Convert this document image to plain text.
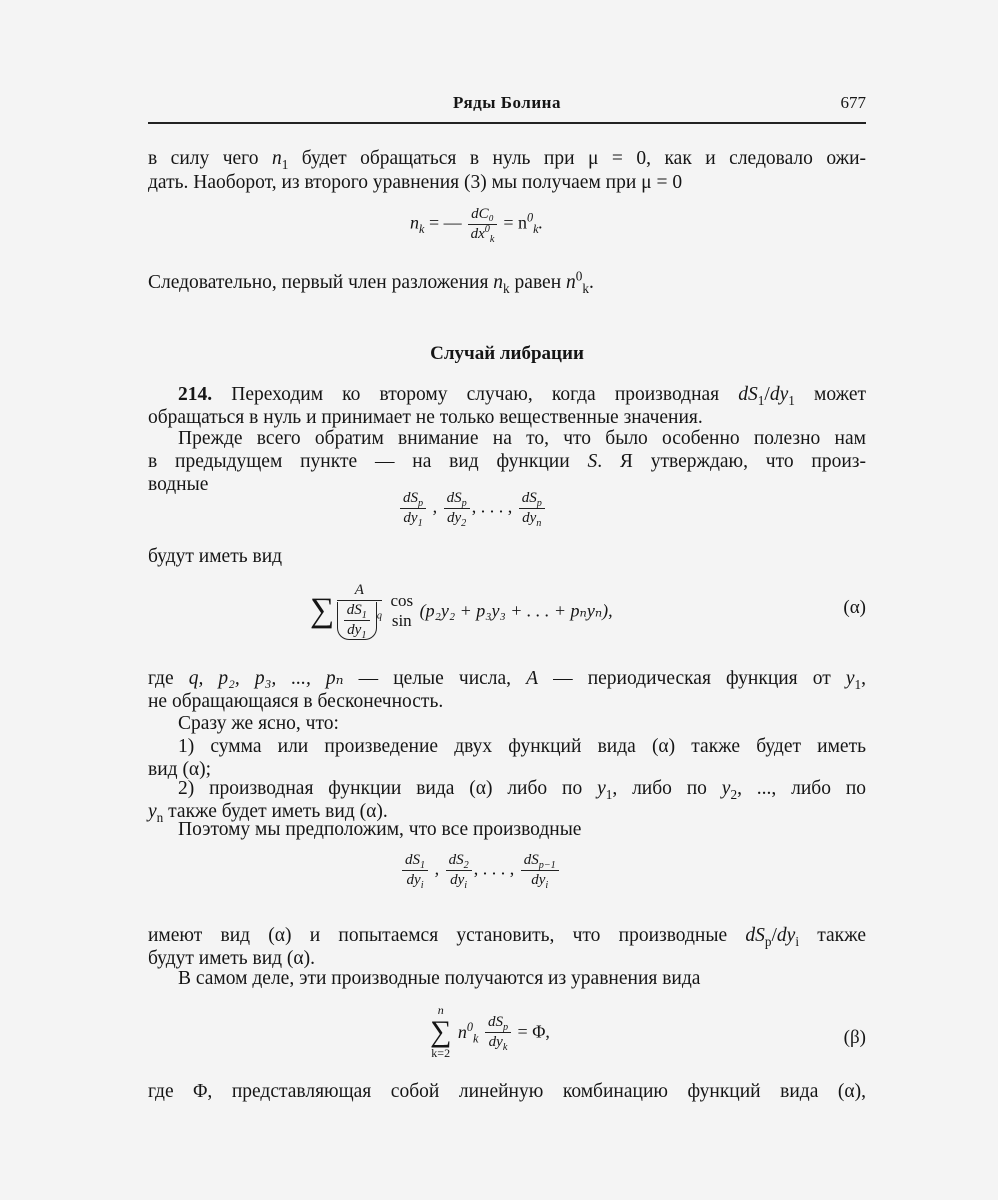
Ряды Болина	677
в силу чего $n_1$ будет обращаться в нуль при μ = 0, как и следовало ожи-
дать. Наоборот, из второго уравнения (3) мы получаем при μ = 0
$n_k$ = — $\frac{\text{dC₀}}{dx^0_k} = n^0_k$.
Следовательно, первый член разложения $n_k$ равен $n^0_k$.
Случай либрации
214. Переходим ко второму случаю, когда производная $dS_1/dy_1$ может
обращаться в нуль и принимает не только вещественные значения.
Прежде всего обратим внимание на то, что было особенно полезно нам
в предыдущем пункте — на вид функции S. Я утверждаю, что произ-
водные
$\frac{dS_p}{dy_1}$ , $\frac{dS_p}{dy_2}$ , . . . , $\frac{dS_p}{dy_n}$
будут иметь вид
∑ $\frac{A}{\frac{dS_1}{dy_1} ^q}$
cos
sin (p₂y₂ + p₃y₃ + . . . + pₙyₙ),	(α)
где q, p₂, p₃, ..., pₙ — целые числа, A — периодическая функция от $y_1$,
не обращающаяся в бесконечность.
Сразу же ясно, что:
1) сумма или произведение двух функций вида (α) также будет иметь
вид (α);
2) производная функции вида (α) либо по $y_1$, либо по $y_2$, ..., либо по
$y_n$ также будет иметь вид (α).
Поэтому мы предположим, что все производные
$\frac{dS_1}{dy_i}$ , $\frac{dS_2}{dy_i}$ , . . . , $\frac{dS_{p-1}}{dy_i}$
имеют вид (α) и попытаемся установить, что производные $dS_p/dy_i$ также
будут иметь вид (α).
В самом деле, эти производные получаются из уравнения вида
n
∑
k=2
$n^0_k \frac{dS_p}{dy_k} = \Phi$,	(β)
где Φ, представляющая собой линейную комбинацию функций вида (α),
